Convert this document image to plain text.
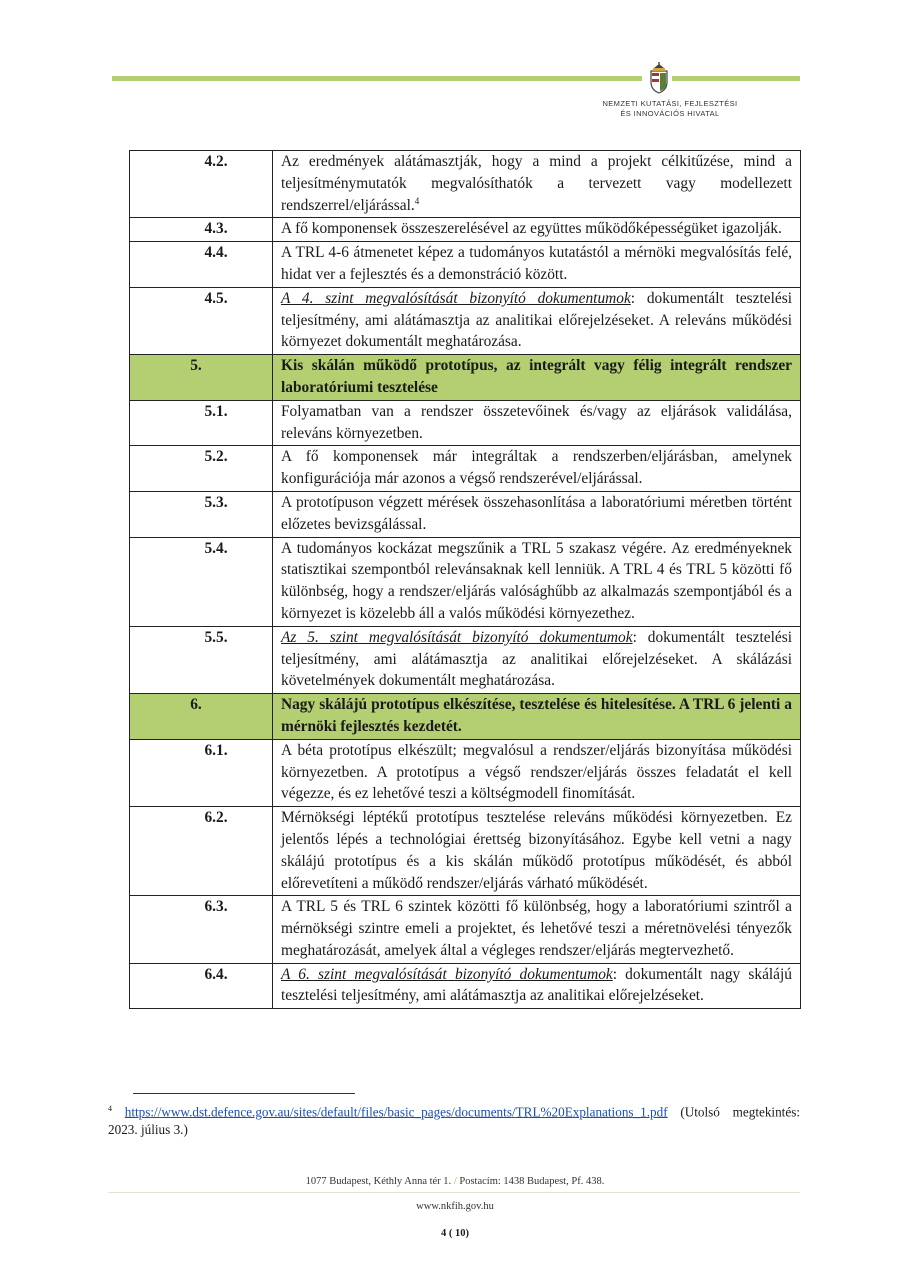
NEMZETI KUTATÁSI, FEJLESZTÉSI
ÉS INNOVÁCIÓS HIVATAL
4.2.	Az eredmények alátámasztják, hogy a mind a projekt célkitűzése, mind a teljesítménymutatók megvalósíthatók a tervezett vagy modellezett rendszerrel/eljárással.$^4$
4.3.	A fő komponensek összeszerelésével az együttes működőképességüket igazolják.
4.4.	A TRL 4-6 átmenetet képez a tudományos kutatástól a mérnöki megvalósítás felé, hidat ver a fejlesztés és a demonstráció között.
4.5.	A 4. szint megvalósítását bizonyító dokumentumok: dokumentált tesztelési teljesítmény, ami alátámasztja az analitikai előrejelzéseket. A releváns működési környezet dokumentált meghatározása.
5.	Kis skálán működő prototípus, az integrált vagy félig integrált rendszer laboratóriumi tesztelése
5.1.	Folyamatban van a rendszer összetevőinek és/vagy az eljárások validálása, releváns környezetben.
5.2.	A fő komponensek már integráltak a rendszerben/eljárásban, amelynek konfigurációja már azonos a végső rendszerével/eljárással.
5.3.	A prototípuson végzett mérések összehasonlítása a laboratóriumi méretben történt előzetes bevizsgálással.
5.4.	A tudományos kockázat megszűnik a TRL 5 szakasz végére. Az eredményeknek statisztikai szempontból relevánsaknak kell lenniük. A TRL 4 és TRL 5 közötti fő különbség, hogy a rendszer/eljárás valósághűbb az alkalmazás szempontjából és a környezet is közelebb áll a valós működési környezethez.
5.5.	Az 5. szint megvalósítását bizonyító dokumentumok: dokumentált tesztelési teljesítmény, ami alátámasztja az analitikai előrejelzéseket. A skálázási követelmények dokumentált meghatározása.
6.	Nagy skálájú prototípus elkészítése, tesztelése és hitelesítése. A TRL 6 jelenti a mérnöki fejlesztés kezdetét.
6.1.	A béta prototípus elkészült; megvalósul a rendszer/eljárás bizonyítása működési környezetben. A prototípus a végső rendszer/eljárás összes feladatát el kell végezze, és ez lehetővé teszi a költségmodell finomítását.
6.2.	Mérnökségi léptékű prototípus tesztelése releváns működési környezetben. Ez jelentős lépés a technológiai érettség bizonyításához. Egybe kell vetni a nagy skálájú prototípus és a kis skálán működő prototípus működését, és abból előrevetíteni a működő rendszer/eljárás várható működését.
6.3.	A TRL 5 és TRL 6 szintek közötti fő különbség, hogy a laboratóriumi szintről a mérnökségi szintre emeli a projektet, és lehetővé teszi a méretnövelési tényezők meghatározását, amelyek által a végleges rendszer/eljárás megtervezhető.
6.4.	A 6. szint megvalósítását bizonyító dokumentumok: dokumentált nagy skálájú tesztelési teljesítmény, ami alátámasztja az analitikai előrejelzéseket.
$^4$ https://www.dst.defence.gov.au/sites/default/files/basic_pages/documents/TRL%20Explanations_1.pdf (Utolsó megtekintés: 2023. július 3.)
1077 Budapest, Kéthly Anna tér 1. / Postacím: 1438 Budapest, Pf. 438.
www.nkfih.gov.hu
4 ( 10)
